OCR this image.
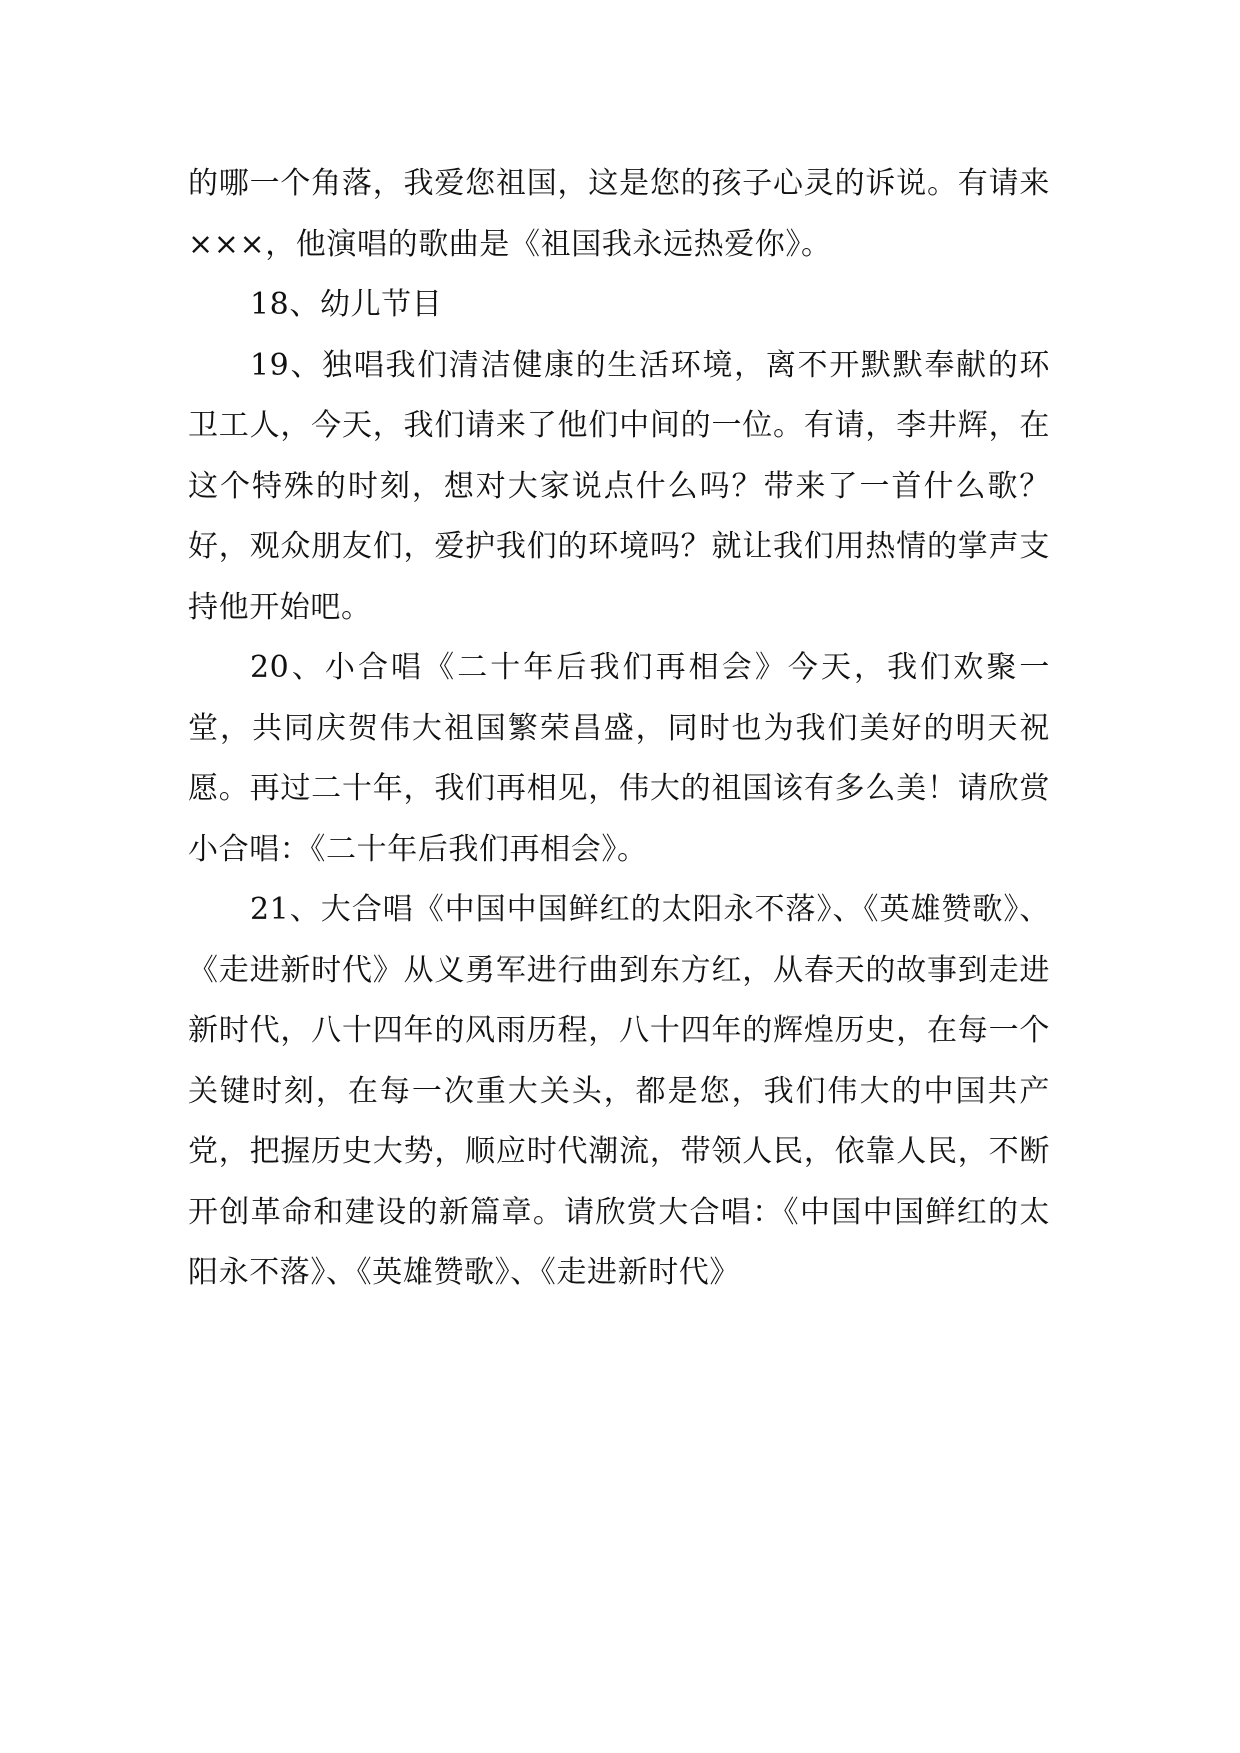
的哪一个角落，我爱您祖国，这是您的孩子心灵的诉说。有请来×××，他演唱的歌曲是《祖国我永远热爱你》。

18、幼儿节目

19、独唱我们清洁健康的生活环境，离不开默默奉献的环卫工人，今天，我们请来了他们中间的一位。有请，李井辉，在这个特殊的时刻，想对大家说点什么吗？带来了一首什么歌？好，观众朋友们，爱护我们的环境吗？就让我们用热情的掌声支持他开始吧。

20、小合唱《二十年后我们再相会》今天，我们欢聚一堂，共同庆贺伟大祖国繁荣昌盛，同时也为我们美好的明天祝愿。再过二十年，我们再相见，伟大的祖国该有多么美！请欣赏小合唱：《二十年后我们再相会》。

21、大合唱《中国中国鲜红的太阳永不落》、《英雄赞歌》、《走进新时代》从义勇军进行曲到东方红，从春天的故事到走进新时代，八十四年的风雨历程，八十四年的辉煌历史，在每一个关键时刻，在每一次重大关头，都是您，我们伟大的中国共产党，把握历史大势，顺应时代潮流，带领人民，依靠人民，不断开创革命和建设的新篇章。请欣赏大合唱：《中国中国鲜红的太阳永不落》、《英雄赞歌》、《走进新时代》
